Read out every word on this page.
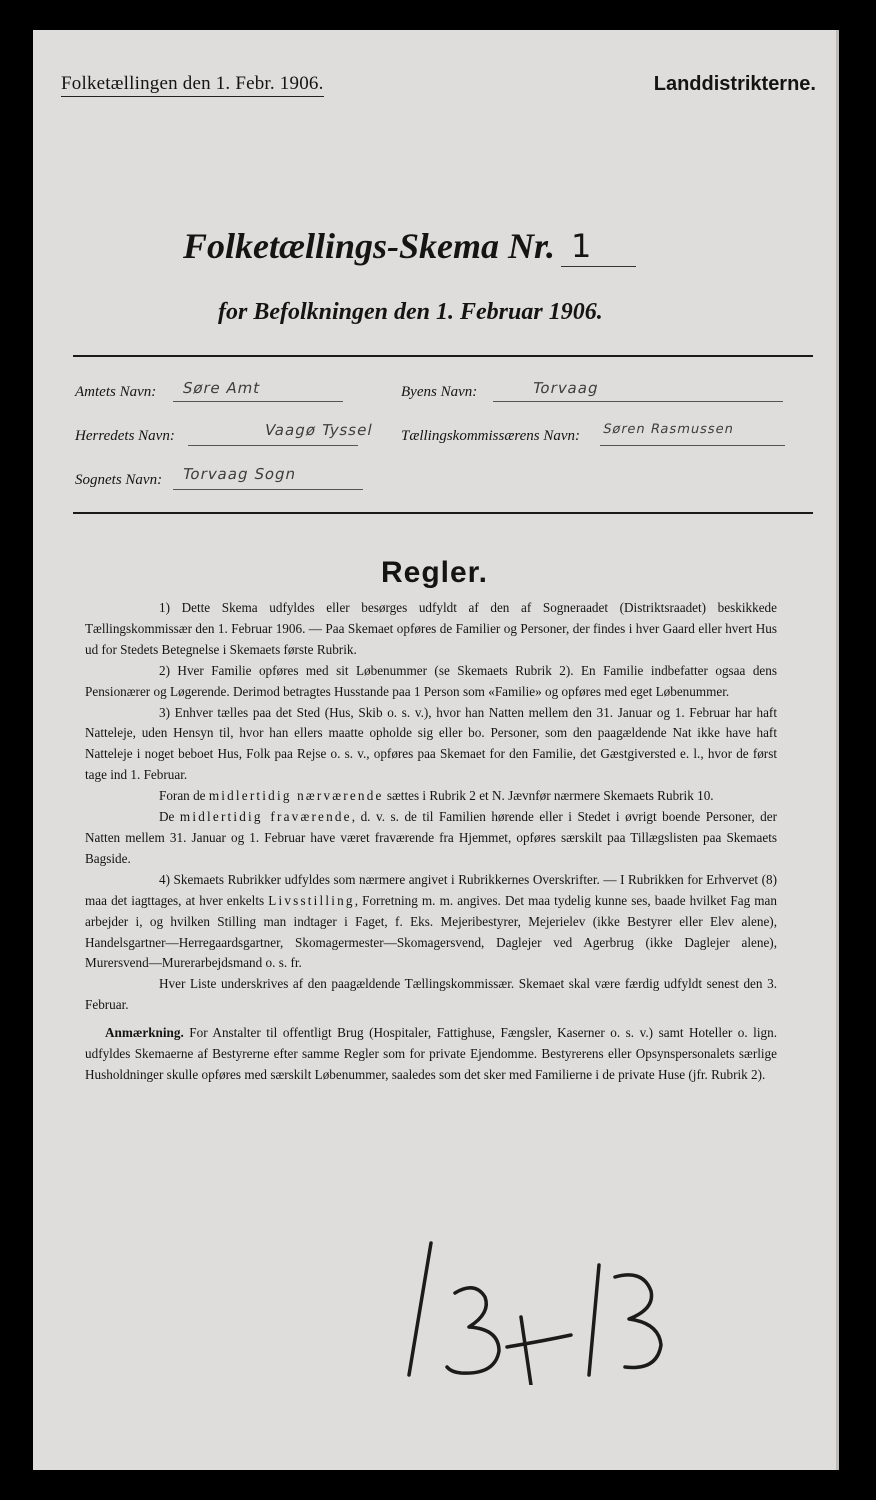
Folketællingen den 1. Febr. 1906.	Landdistrikterne.
Folketællings-Skema Nr. 1
for Befolkningen den 1. Februar 1906.
Amtets Navn: Søre Amt	Byens Navn:	Torvaag
Herredets Navn:	Vaagø Tyssel Tællingskommissærens Navn: Søren Rasmussen
Sognets Navn: Torvaag Sogn
Regler.

1) Dette Skema udfyldes eller besørges udfyldt af den af Sogneraadet (Distriktsraadet) beskikkede Tællingskommissær den 1. Februar 1906. — Paa Skemaet opføres de Familier og Personer, der findes i hver Gaard eller hvert Hus ud for Stedets Betegnelse i Skemaets første Rubrik.

2) Hver Familie opføres med sit Løbenummer (se Skemaets Rubrik 2). En Familie indbefatter ogsaa dens Pensionærer og Løgerende. Derimod betragtes Husstande paa 1 Person som «Familie» og opføres med eget Løbenummer.

3) Enhver tælles paa det Sted (Hus, Skib o. s. v.), hvor han Natten mellem den 31. Januar og 1. Februar har haft Natteleje, uden Hensyn til, hvor han ellers maatte opholde sig eller bo. Personer, som den paagældende Nat ikke have haft Natteleje i noget beboet Hus, Folk paa Rejse o. s. v., opføres paa Skemaet for den Familie, det Gæstgiversted e. l., hvor de først tage ind 1. Februar.

Foran de midlertidig nærværende sættes i Rubrik 2 et N. Jævnfør nærmere Skemaets Rubrik 10.

De midlertidig fraværende, d. v. s. de til Familien hørende eller i Stedet i øvrigt boende Personer, der Natten mellem 31. Januar og 1. Februar have været fraværende fra Hjemmet, opføres særskilt paa Tillægslisten paa Skemaets Bagside.

4) Skemaets Rubrikker udfyldes som nærmere angivet i Rubrikkernes Overskrifter. — I Rubrikken for Erhvervet (8) maa det iagttages, at hver enkelts Livsstilling, Forretning m. m. angives. Det maa tydelig kunne ses, baade hvilket Fag man arbejder i, og hvilken Stilling man indtager i Faget, f. Eks. Mejeribestyrer, Mejerielev (ikke Bestyrer eller Elev alene), Handelsgartner—Herregaardsgartner, Skomagermester—Skomagersvend, Daglejer ved Agerbrug (ikke Daglejer alene), Murersvend—Murerarbejdsmand o. s. fr.

Hver Liste underskrives af den paagældende Tællingskommissær. Skemaet skal være færdig udfyldt senest den 3. Februar.

Anmærkning. For Anstalter til offentligt Brug (Hospitaler, Fattighuse, Fængsler, Kaserner o. s. v.) samt Hoteller o. lign. udfyldes Skemaerne af Bestyrerne efter samme Regler som for private Ejendomme. Bestyrerens eller Opsynspersonalets særlige Husholdninger skulle opføres med særskilt Løbenummer, saaledes som det sker med Familierne i de private Huse (jfr. Rubrik 2).
